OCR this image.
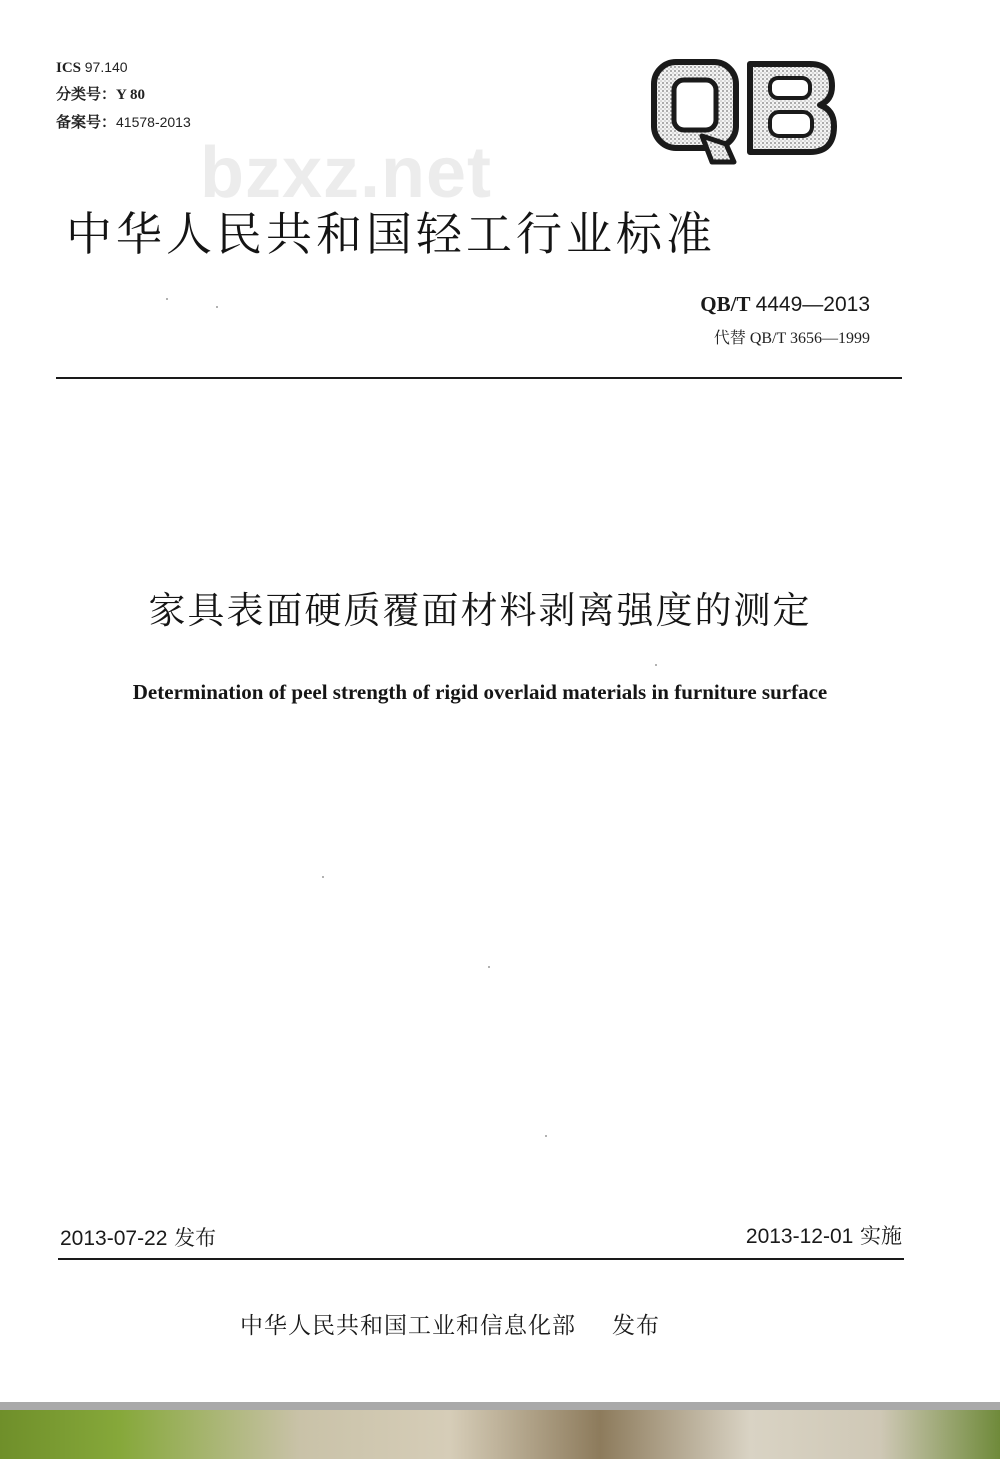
ICS 97.140
分类号：Y 80
备案号：41578-2013
bzxz.net
中华人民共和国轻工行业标准
QB/T 4449—2013
代替 QB/T 3656—1999
家具表面硬质覆面材料剥离强度的测定
Determination of peel strength of rigid overlaid materials in furniture surface
2013-07-22 发布	2013-12-01 实施
中华人民共和国工业和信息化部 发布
